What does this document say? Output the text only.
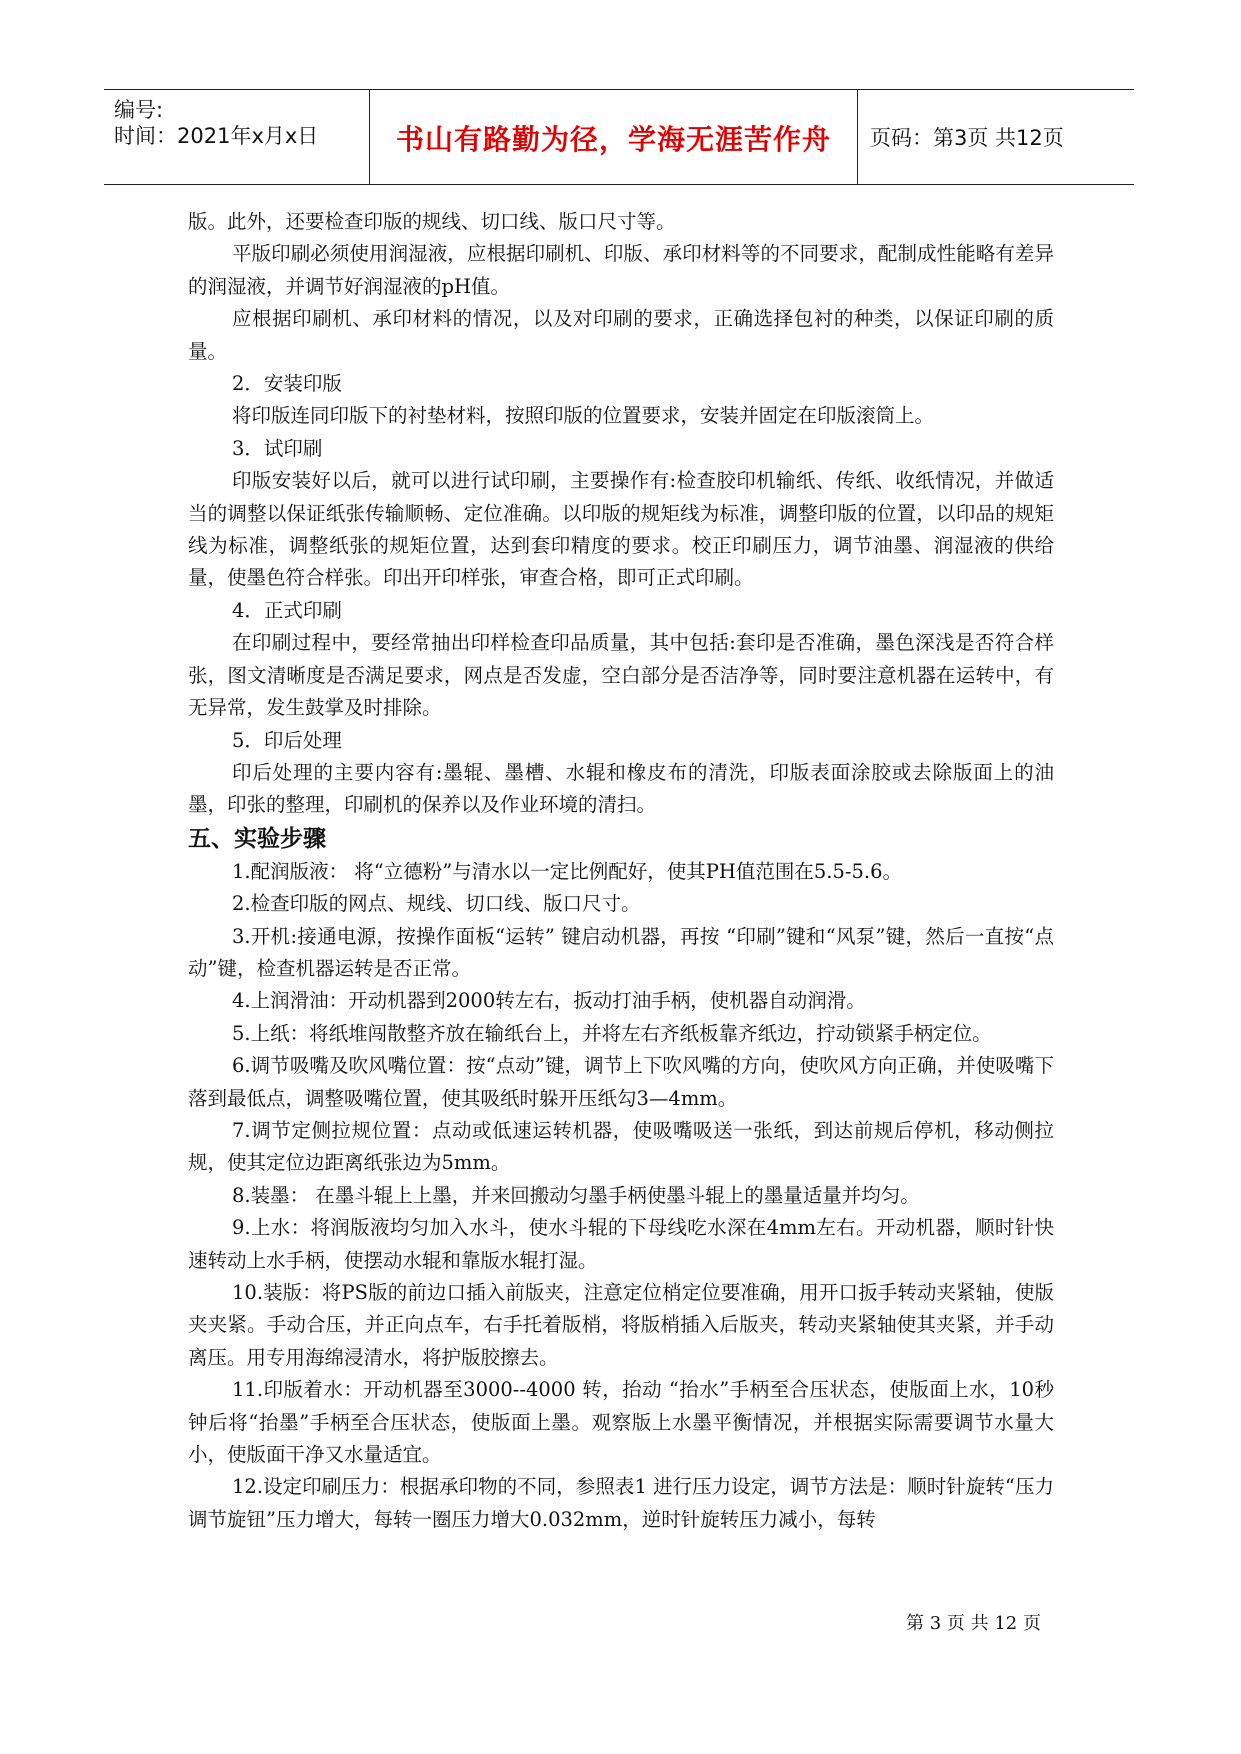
编号:
时间：2021年x月x日	书山有路勤为径，学海无涯苦作舟	页码：第3页 共12页

版。此外，还要检查印版的规线、切口线、版口尺寸等。

平版印刷必须使用润湿液，应根据印刷机、印版、承印材料等的不同要求，配制成性能略有差异的润湿液，并调节好润湿液的pH值。

应根据印刷机、承印材料的情况，以及对印刷的要求，正确选择包衬的种类，以保证印刷的质量。

2．安装印版

将印版连同印版下的衬垫材料，按照印版的位置要求，安装并固定在印版滚筒上。

3．试印刷

印版安装好以后，就可以进行试印刷，主要操作有:检查胶印机输纸、传纸、收纸情况，并做适当的调整以保证纸张传输顺畅、定位准确。以印版的规矩线为标准，调整印版的位置，以印品的规矩线为标准，调整纸张的规矩位置，达到套印精度的要求。校正印刷压力，调节油墨、润湿液的供给量，使墨色符合样张。印出开印样张，审查合格，即可正式印刷。

4．正式印刷

在印刷过程中，要经常抽出印样检查印品质量，其中包括:套印是否准确，墨色深浅是否符合样张，图文清晰度是否满足要求，网点是否发虚，空白部分是否洁净等，同时要注意机器在运转中，有无异常，发生鼓掌及时排除。

5．印后处理

印后处理的主要内容有:墨辊、墨槽、水辊和橡皮布的清洗，印版表面涂胶或去除版面上的油墨，印张的整理，印刷机的保养以及作业环境的清扫。

五、实验步骤

1.配润版液： 将“立德粉”与清水以一定比例配好，使其PH值范围在5.5-5.6。

2.检查印版的网点、规线、切口线、版口尺寸。

3.开机:接通电源，按操作面板“运转” 键启动机器，再按 “印刷”键和“风泵”键，然后一直按“点动”键，检查机器运转是否正常。

4.上润滑油：开动机器到2000转左右，扳动打油手柄，使机器自动润滑。

5.上纸：将纸堆闯散整齐放在输纸台上，并将左右齐纸板靠齐纸边，拧动锁紧手柄定位。

6.调节吸嘴及吹风嘴位置：按“点动”键，调节上下吹风嘴的方向，使吹风方向正确，并使吸嘴下落到最低点，调整吸嘴位置，使其吸纸时躲开压纸勾3—4mm。

7.调节定侧拉规位置：点动或低速运转机器，使吸嘴吸送一张纸，到达前规后停机，移动侧拉规，使其定位边距离纸张边为5mm。

8.装墨： 在墨斗辊上上墨，并来回搬动匀墨手柄使墨斗辊上的墨量适量并均匀。

9.上水：将润版液均匀加入水斗，使水斗辊的下母线吃水深在4mm左右。开动机器，顺时针快速转动上水手柄，使摆动水辊和靠版水辊打湿。

10.装版：将PS版的前边口插入前版夹，注意定位梢定位要准确，用开口扳手转动夹紧轴，使版夹夹紧。手动合压，并正向点车，右手托着版梢，将版梢插入后版夹，转动夹紧轴使其夹紧，并手动离压。用专用海绵浸清水，将护版胶擦去。

11.印版着水：开动机器至3000--4000 转，抬动 “抬水”手柄至合压状态，使版面上水，10秒钟后将“抬墨”手柄至合压状态，使版面上墨。观察版上水墨平衡情况，并根据实际需要调节水量大小，使版面干净又水量适宜。

12.设定印刷压力：根据承印物的不同，参照表1 进行压力设定，调节方法是：顺时针旋转“压力调节旋钮”压力增大，每转一圈压力增大0.032mm，逆时针旋转压力减小，每转

第 3 页 共 12 页
